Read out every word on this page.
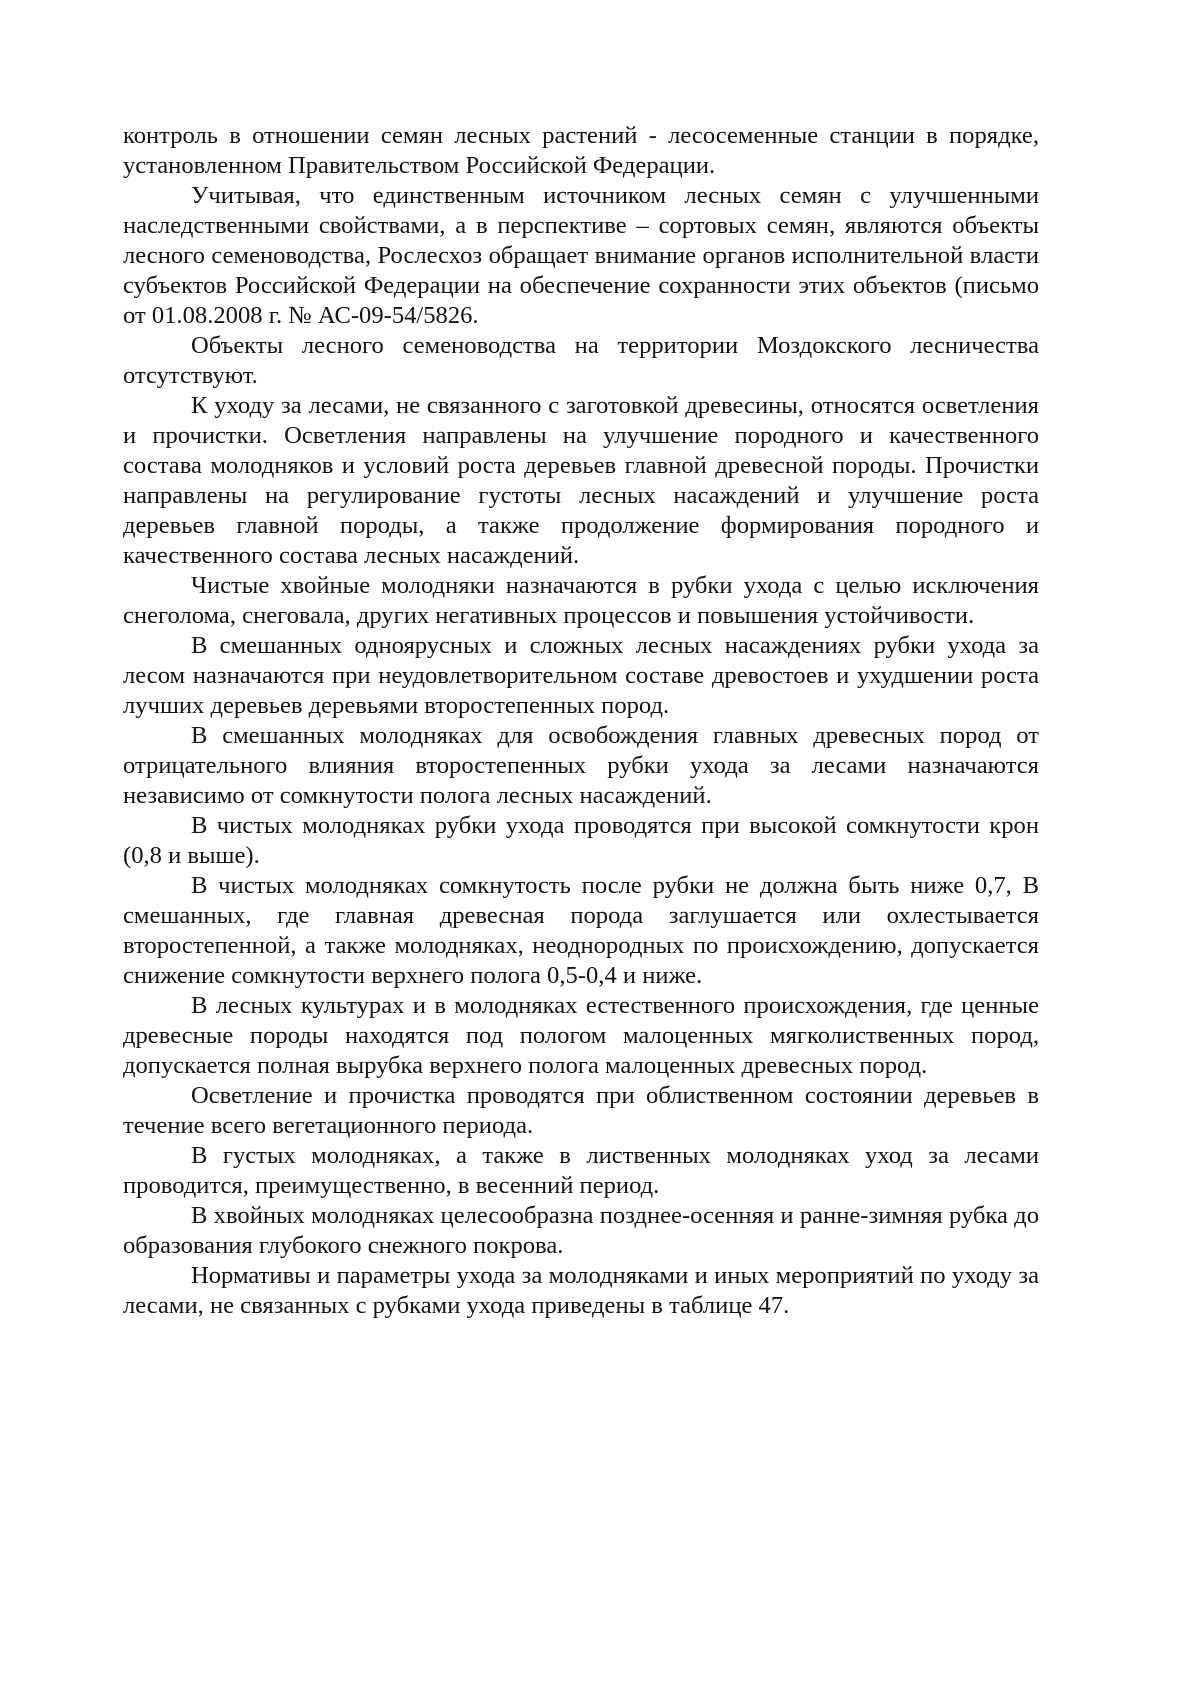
контроль в отношении семян лесных растений - лесосеменные станции в порядке, установленном Правительством Российской Федерации.

Учитывая, что единственным источником лесных семян с улучшенными наследственными свойствами, а в перспективе – сортовых семян, являются объекты лесного семеноводства, Рослесхоз обращает внимание органов исполнительной власти субъектов Российской Федерации на обеспечение сохранности этих объектов (письмо от 01.08.2008 г. № АС-09-54/5826.

Объекты лесного семеноводства на территории Моздокского лесничества отсутствуют.

К уходу за лесами, не связанного с заготовкой древесины, относятся осветления и прочистки. Осветления направлены на улучшение породного и качественного состава молодняков и условий роста деревьев главной древесной породы. Прочистки направлены на регулирование густоты лесных насаждений и улучшение роста деревьев главной породы, а также продолжение формирования породного и качественного состава лесных насаждений.

Чистые хвойные молодняки назначаются в рубки ухода с целью исключения снеголома, снеговала, других негативных процессов и повышения устойчивости.

В смешанных одноярусных и сложных лесных насаждениях рубки ухода за лесом назначаются при неудовлетворительном составе древостоев и ухудшении роста лучших деревьев деревьями второстепенных пород.

В смешанных молодняках для освобождения главных древесных пород от отрицательного влияния второстепенных рубки ухода за лесами назначаются независимо от сомкнутости полога лесных насаждений.

В чистых молодняках рубки ухода проводятся при высокой сомкнутости крон (0,8 и выше).

В чистых молодняках сомкнутость после рубки не должна быть ниже 0,7, В смешанных, где главная древесная порода заглушается или охлестывается второстепенной, а также молодняках, неоднородных по происхождению, допускается снижение сомкнутости верхнего полога 0,5-0,4 и ниже.

В лесных культурах и в молодняках естественного происхождения, где ценные древесные породы находятся под пологом малоценных мягколиственных пород, допускается полная вырубка верхнего полога малоценных древесных пород.

Осветление и прочистка проводятся при облиственном состоянии деревьев в течение всего вегетационного периода.

В густых молодняках, а также в лиственных молодняках уход за лесами проводится, преимущественно, в весенний период.

В хвойных молодняках целесообразна позднее-осенняя и ранне-зимняя рубка до образования глубокого снежного покрова.

Нормативы и параметры ухода за молодняками и иных мероприятий по уходу за лесами, не связанных с рубками ухода приведены в таблице 47.
